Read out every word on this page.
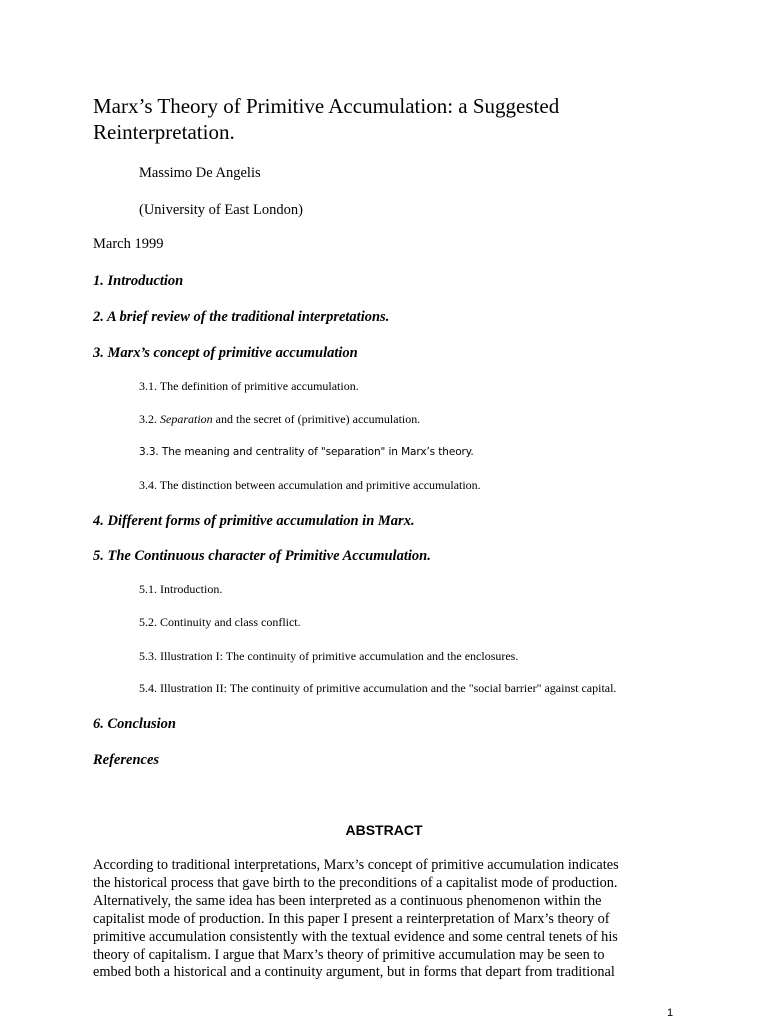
Marx’s Theory of Primitive Accumulation: a Suggested Reinterpretation.
Massimo De Angelis
(University of East London)
March 1999
1. Introduction
2. A brief review of the traditional interpretations.
3. Marx’s concept of primitive accumulation
3.1. The definition of primitive accumulation.
3.2. Separation and the secret of (primitive) accumulation.
3.3. The meaning and centrality of "separation" in Marx’s theory.
3.4. The distinction between accumulation and primitive accumulation.
4. Different forms of primitive accumulation in Marx.
5. The Continuous character of Primitive Accumulation.
5.1. Introduction.
5.2. Continuity and class conflict.
5.3. Illustration I: The continuity of primitive accumulation and the enclosures.
5.4. Illustration II: The continuity of primitive accumulation and the "social barrier" against capital.
6. Conclusion
References
ABSTRACT
According to traditional interpretations, Marx’s concept of primitive accumulation indicates
the historical process that gave birth to the preconditions of a capitalist mode of production.
Alternatively, the same idea has been interpreted as a continuous phenomenon within the
capitalist mode of production. In this paper I present a reinterpretation of Marx’s theory of
primitive accumulation consistently with the textual evidence and some central tenets of his
theory of capitalism. I argue that Marx’s theory of primitive accumulation may be seen to
embed both a historical and a continuity argument, but in forms that depart from traditional
1
